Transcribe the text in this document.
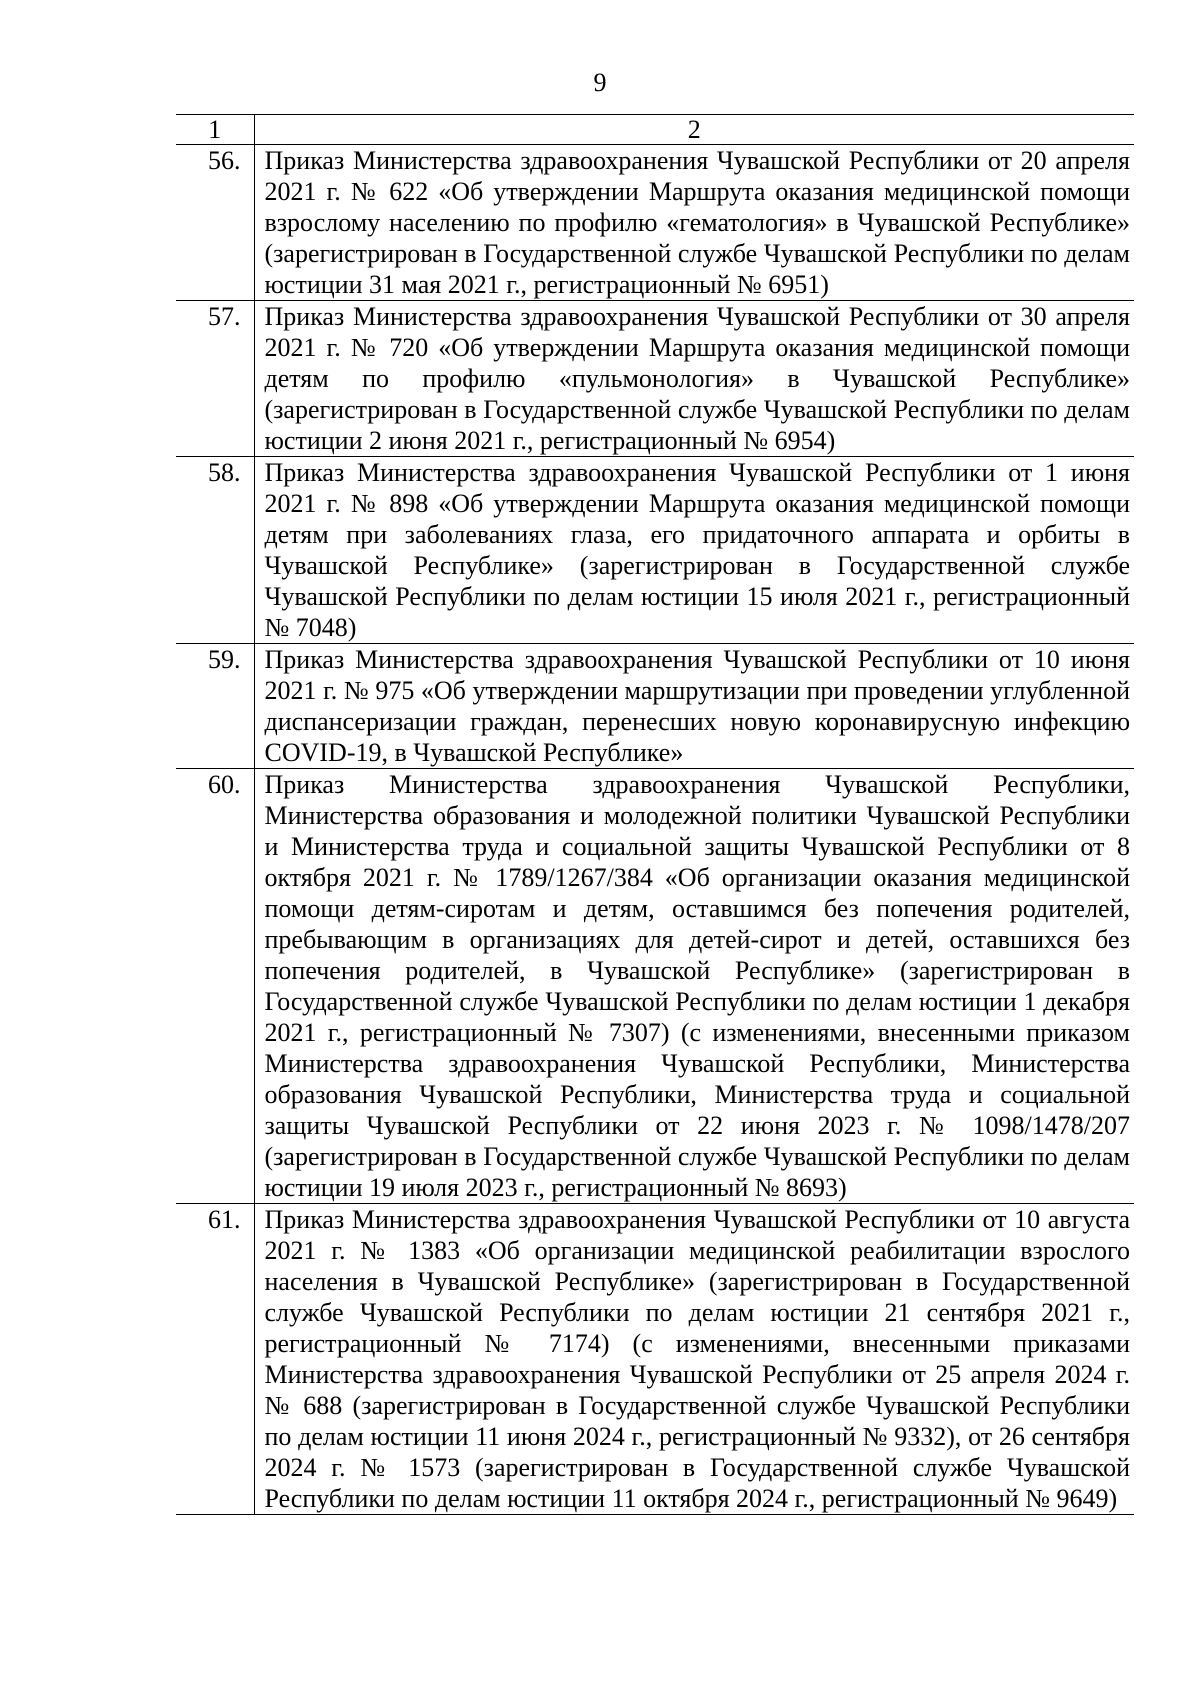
9
1	2
56.	Приказ Министерства здравоохранения Чувашской Республики от 20 апреля 2021 г. № 622 «Об утверждении Маршрута оказания медицинской помощи взрослому населению по профилю «гематология» в Чувашской Республике» (зарегистрирован в Государственной службе Чувашской Республики по делам юстиции 31 мая 2021 г., регистрационный № 6951)
57.	Приказ Министерства здравоохранения Чувашской Республики от 30 апреля 2021 г. № 720 «Об утверждении Маршрута оказания медицинской помощи детям по профилю «пульмонология» в Чувашской Республике» (зарегистрирован в Государственной службе Чувашской Республики по делам юстиции 2 июня 2021 г., регистрационный № 6954)
58.	Приказ Министерства здравоохранения Чувашской Республики от 1 июня 2021 г. № 898 «Об утверждении Маршрута оказания медицинской помощи детям при заболеваниях глаза, его придаточного аппарата и орбиты в Чувашской Республике» (зарегистрирован в Государственной службе Чувашской Республики по делам юстиции 15 июля 2021 г., регистрационный № 7048)
59.	Приказ Министерства здравоохранения Чувашской Республики от 10 июня 2021 г. № 975 «Об утверждении маршрутизации при проведении углубленной диспансеризации граждан, перенесших новую коронавирусную инфекцию COVID-19, в Чувашской Республике»
60.	Приказ Министерства здравоохранения Чувашской Республики, Министерства образования и молодежной политики Чувашской Республики и Министерства труда и социальной защиты Чувашской Республики от 8 октября 2021 г. № 1789/1267/384 «Об организации оказания медицинской помощи детям-сиротам и детям, оставшимся без попечения родителей, пребывающим в организациях для детей-сирот и детей, оставшихся без попечения родителей, в Чувашской Республике» (зарегистрирован в Государственной службе Чувашской Республики по делам юстиции 1 декабря 2021 г., регистрационный № 7307) (с изменениями, внесенными приказом Министерства здравоохранения Чувашской Республики, Министерства образования Чувашской Республики, Министерства труда и социальной защиты Чувашской Республики от 22 июня 2023 г. № 1098/1478/207 (зарегистрирован в Государственной службе Чувашской Республики по делам юстиции 19 июля 2023 г., регистрационный № 8693)
61.	Приказ Министерства здравоохранения Чувашской Республики от 10 августа 2021 г. № 1383 «Об организации медицинской реабилитации взрослого населения в Чувашской Республике» (зарегистрирован в Государственной службе Чувашской Республики по делам юстиции 21 сентября 2021 г., регистрационный № 7174) (с изменениями, внесенными приказами Министерства здравоохранения Чувашской Республики от 25 апреля 2024 г. № 688 (зарегистрирован в Государственной службе Чувашской Республики по делам юстиции 11 июня 2024 г., регистрационный № 9332), от 26 сентября 2024 г. № 1573 (зарегистрирован в Государственной службе Чувашской Республики по делам юстиции 11 октября 2024 г., регистрационный № 9649)
